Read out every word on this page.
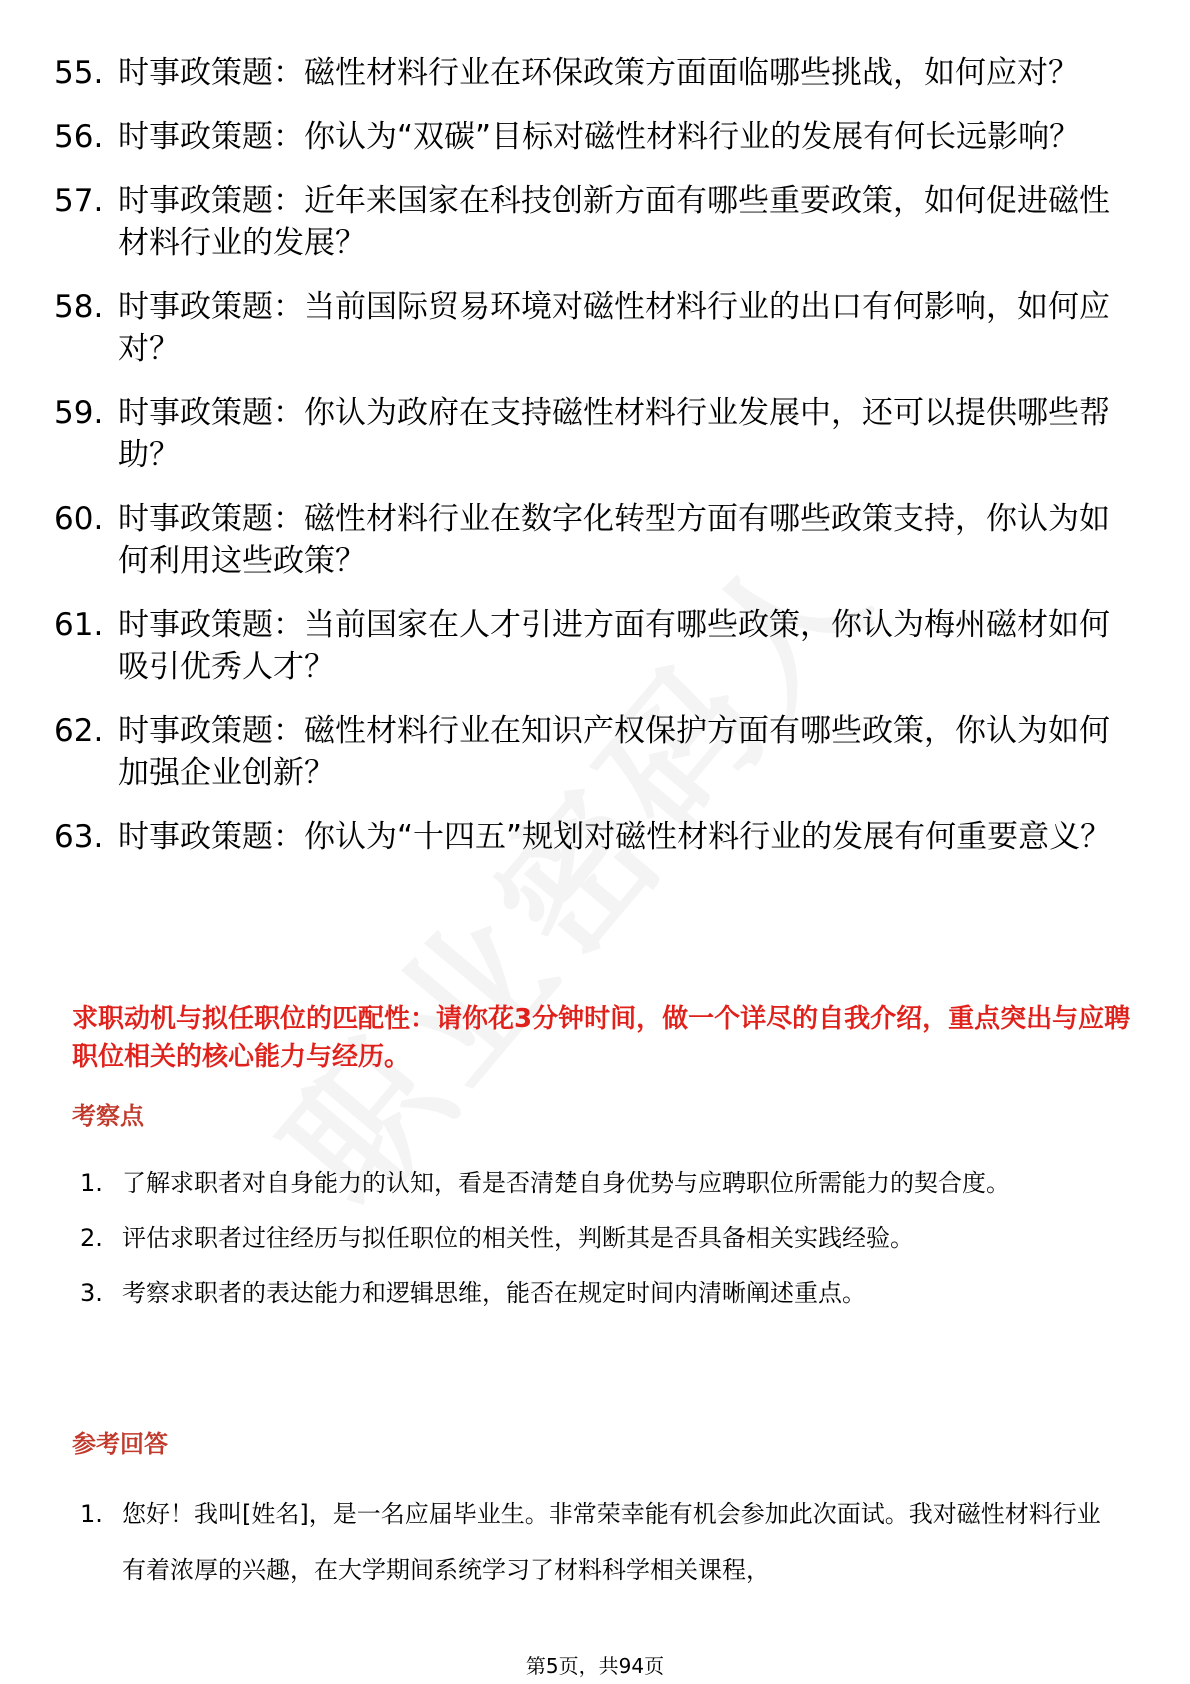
55. 时事政策题：磁性材料行业在环保政策方面面临哪些挑战，如何应对？
56. 时事政策题：你认为“双碳”目标对磁性材料行业的发展有何长远影响？
57. 时事政策题：近年来国家在科技创新方面有哪些重要政策，如何促进磁性材料行业的发展？
58. 时事政策题：当前国际贸易环境对磁性材料行业的出口有何影响，如何应对？
59. 时事政策题：你认为政府在支持磁性材料行业发展中，还可以提供哪些帮助？
60. 时事政策题：磁性材料行业在数字化转型方面有哪些政策支持，你认为如何利用这些政策？
61. 时事政策题：当前国家在人才引进方面有哪些政策，你认为梅州磁材如何吸引优秀人才？
62. 时事政策题：磁性材料行业在知识产权保护方面有哪些政策，你认为如何加强企业创新？
63. 时事政策题：你认为“十四五”规划对磁性材料行业的发展有何重要意义？
求职动机与拟任职位的匹配性：请你花3分钟时间，做一个详尽的自我介绍，重点突出与应聘职位相关的核心能力与经历。
考察点
1. 了解求职者对自身能力的认知，看是否清楚自身优势与应聘职位所需能力的契合度。
2. 评估求职者过往经历与拟任职位的相关性，判断其是否具备相关实践经验。
3. 考察求职者的表达能力和逻辑思维，能否在规定时间内清晰阐述重点。
参考回答
1. 您好！我叫[姓名]，是一名应届毕业生。非常荣幸能有机会参加此次面试。我对磁性材料行业有着浓厚的兴趣，在大学期间系统学习了材料科学相关课程，
第5页，共94页
